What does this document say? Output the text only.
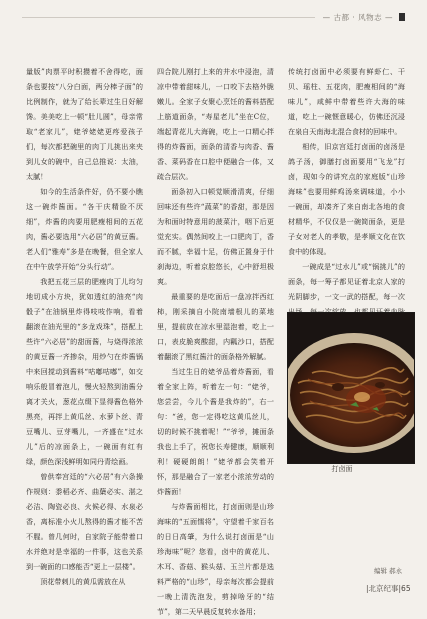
— 古都 · 风物志 —

量版”肉票平时积攒着不舍得吃，面条也要按“八分白面，两分棒子面”的比例制作，就为了给长辈过生日好解馋。美美吃上一顿“肚儿圆”，母亲常取“老家儿”，姥爷姥姥更疼爱孩子们，每次都把碗里的肉丁儿挑出来夹到儿女的碗中，自己总推说：太油，太腻！

如今的生活条件好，仍不要小瞧这一碗炸酱面。“各干庆精脸不厌细”，炸酱的肉要用肥瘦相间的五花肉，酱必要选用“六必居”的黄豆酱。老人们“雅寿”多是在晚餐，但全家人在中午放学开始“分头行动”。

我把五花三层的肥瘦肉丁儿均匀地切成小方块，犹如透红的油亮“肉骰子”在油锅里炸得吱吱作响，看着翻滚在油光里的“多龙戏珠”，搭配上些许“六必居”的甜面酱，与烧得浓浓的黄豆酱一齐掺杂，用炒勺在炸酱锅中来回搅动到酱料“咕嘟咕嘟”，如交响乐般冒着泡儿，慢火轻熬到油酱分离才关火，葱花点缀下显得酱色格外黑亮，再拌上黄瓜丝、水萝卜丝、青豆嘴儿、豆芽嘴儿，一齐盛在“过水儿”后的凉面条上，一碗面有红有绿，颜色深浅鲜明如同丹青绘画。

曾供奉宫廷的“六必居”有六条操作规则：黍稻必齐、曲蘖必实、湛之必洁、陶瓷必良、火候必得、水泉必香，离标准小火儿熬得的酱才能不苦不腥。曾几何时，自家院子能带着口水并绝对是幸福的一件事，这也关系到一碗面的口感能否“更上一层楼”。

顶花带刺儿的黄瓜需放在从

四合院儿刚打上来的井水中浸泡，清凉中带着甜味儿，一口咬下去格外脆嫩儿。全家子女聚心烹饪的酱料搭配上筋道面条，“寿星老儿”坐在C位，端起青花儿大海碗，吃上一口精心拌得的炸酱面，面条的清香与肉香、酱香、菜码香在口腔中便融合一体，又疏合层次。

面条初入口顿觉顺滑清爽，仔细回味还有些许“蔬菜”的香甜，那是因为和面时特意用的菠菜汁，咽下后更觉充实。偶然间咬上一口肥肉丁，香而不腻，幸福十足，仿佛正置身于什刹海边，听着京腔悠长，心中舒坦极爽。

最重要的是吃面后一盘凉拌西红柿，刚采摘自小院南墙根儿的菜地里，提前放在凉水里湿泡着，吃上一口，表皮脆爽酸甜，内瓤沙口，搭配着翻滚了黑红酱汁的面条格外解腻。

当过生日的姥爷品着炸酱面，看着全家上阵，听着左一句：“姥爷，您尝尝，今儿个酱是我炸的”，右一句：“爸，您一定得吃这黄瓜丝儿，切的时候不挑着呢！”“爷爷，摊面条我也上手了，祝您长寿健康，顺顺利利！硬硬朗朗！”姥爷都会笑着开怀，那是融合了一家老小浓浓劳动的炸酱面！

与炸酱面相比，打卤面则是山珍海味的“五面懦将”，守望着千家百名的日日高肇，为什么说打卤面是“山珍海味”呢？您看，卤中的黄花儿、木耳、香菇、猴头菇、玉兰片都是选料严格的“山珍”，母亲每次都会提前一晚上清洗泡发，剪掉啥牙的“结节”，第二天早晨反复转水备用；

传统打卤面中必须要有鲜虾仁、干贝、瑶柱、五花肉，肥瘦相间的“海味儿”，咸鲜中带着些许大海的味道，吃上一碗惬意暖心，仿佛还沉浸在泉自天南海北混合食材的回味中。

相传，旧京宫廷打卤面的卤汤是鸽子汤，御膳打卤面要用“飞龙”打卤，现如今的讲究点的家庭版“山珍海味”也要用鲜鸡汤来调味道，小小一碗面，却凑齐了来自南北各地的食材精华，不仅仅是一碗简面条，更是子女对老人的孝敬，是孝顺文化在饮食中的体现。

一碗成是“过水儿”或“锅挑儿”的面条，每一筹子都见证着北京人家的光阴脚步，一文一武的搭配，每一次

打卤面
编辑 郝永
|北京纪事|65
